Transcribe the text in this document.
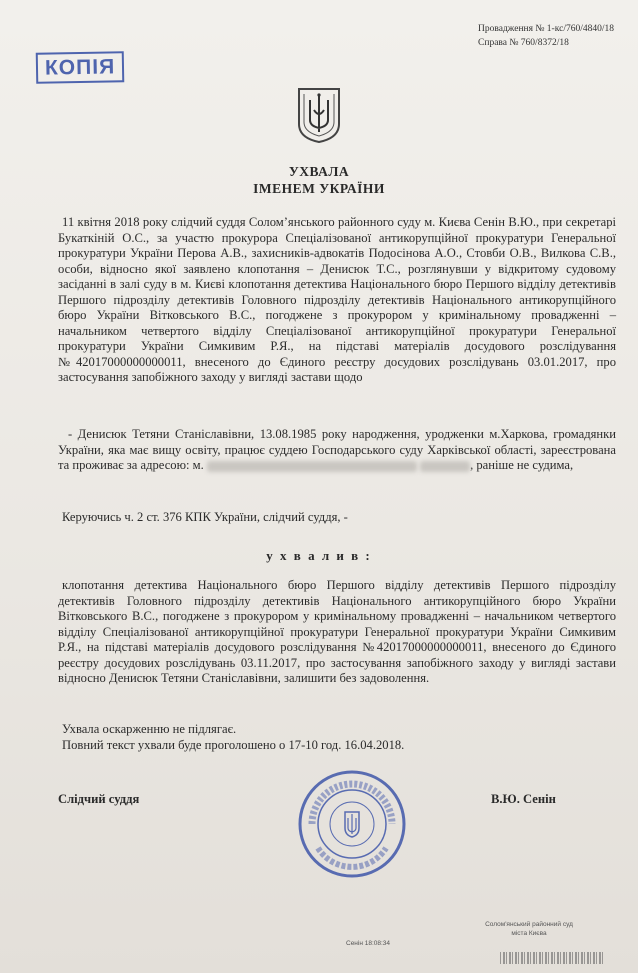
Провадження № 1-кс/760/4840/18
Справа № 760/8372/18
КОПІЯ
УХВАЛА
ІМЕНЕМ УКРАЇНИ
11 квітня 2018 року слідчий суддя Солом’янського районного суду м. Києва Сенін В.Ю., при секретарі Букаткіній О.С., за участю прокурора Спеціалізованої антикорупційної прокуратури Генеральної прокуратури України Перова А.В., захисників-адвокатів Подосінова А.О., Стовби О.В., Вилкова С.В., особи, відносно якої заявлено клопотання – Денисюк Т.С., розглянувши у відкритому судовому засіданні в залі суду в м. Києві клопотання детектива Національного бюро Першого відділу детективів Першого підрозділу детективів Головного підрозділу детективів Національного антикорупційного бюро України Вітковського В.С., погоджене з прокурором у кримінальному провадженні – начальником четвертого відділу Спеціалізованої антикорупційної прокуратури Генеральної прокуратури України Симкивим Р.Я., на підставі матеріалів досудового розслідування №42017000000000011, внесеного до Єдиного реєстру досудових розслідувань 03.01.2017, про застосування запобіжного заходу у вигляді застави щодо
- Денисюк Тетяни Станіславівни, 13.08.1985 року народження, уродженки м.Харкова, громадянки України, яка має вищу освіту, працює суддею Господарського суду Харківської області, зареєстрована та проживає за адресою: м.	, раніше не судима,
Керуючись ч. 2 ст. 376 КПК України, слідчий суддя, -
у х в а л и в :
клопотання детектива Національного бюро Першого відділу детективів Першого підрозділу детективів Головного підрозділу детективів Національного антикорупційного бюро України Вітковського В.С., погоджене з прокурором у кримінальному провадженні – начальником четвертого відділу Спеціалізованої антикорупційної прокуратури Генеральної прокуратури України Симкивим Р.Я., на підставі матеріалів досудового розслідування №42017000000000011, внесеного до Єдиного реєстру досудових розслідувань 03.11.2017, про застосування запобіжного заходу у вигляді застави відносно Денисюк Тетяни Станіславівни, залишити без задоволення.
Ухвала оскарженню не підлягає.
Повний текст ухвали буде проголошено о 17-10 год. 16.04.2018.
Слідчий суддя	В.Ю. Сенін
Солом'янський районний суд
міста Києва
Сенін 18:08:34
